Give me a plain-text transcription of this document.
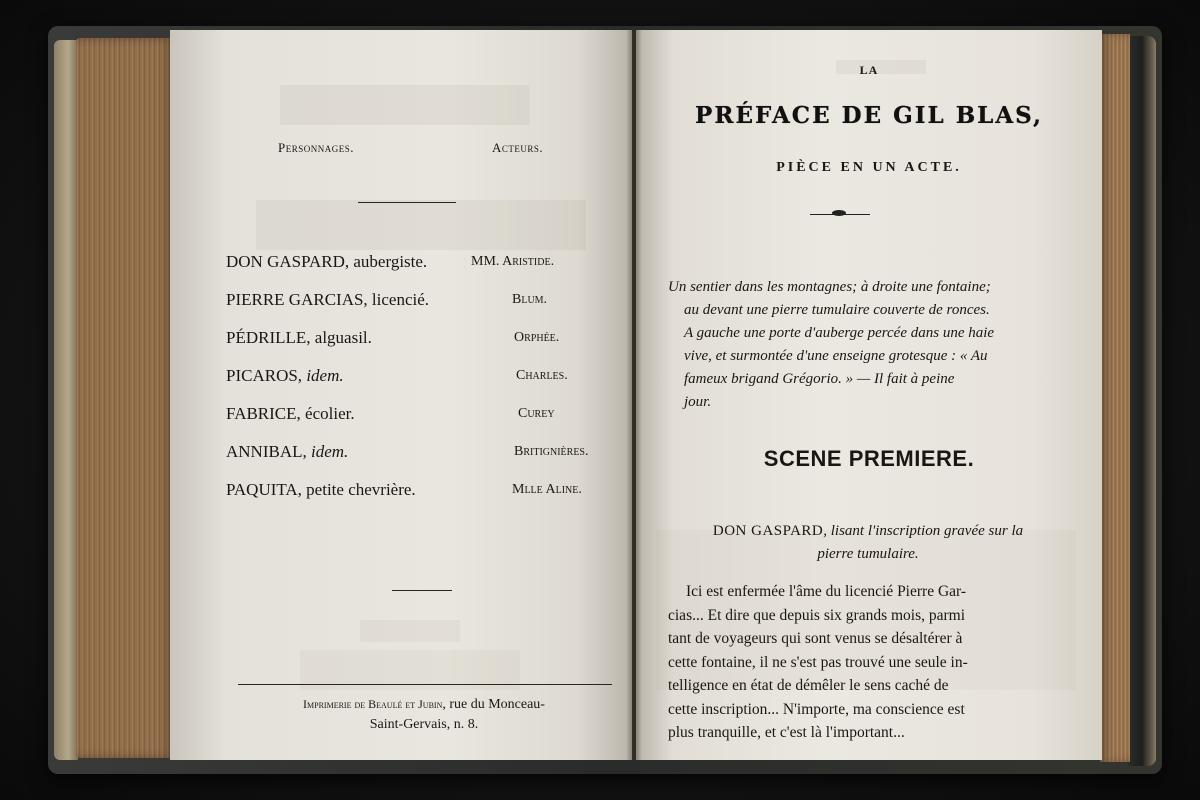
Personnages.	Acteurs.
DON GASPARD, aubergiste.	MM. Aristide.
PIERRE GARCIAS, licencié.	Blum.
PÉDRILLE, alguasil.	Orphée.
PICAROS, idem.	Charles.
FABRICE, écolier.	Curey
ANNIBAL, idem.	Britignières.
PAQUITA, petite chevrière.	Mlle Aline.
Imprimerie de Beaulé et Jubin, rue du Monceau-
Saint-Gervais, n. 8.
LA
PRÉFACE DE GIL BLAS,
PIÈCE EN UN ACTE.
Un sentier dans les montagnes; à droite une fontaine;
au devant une pierre tumulaire couverte de ronces.
A gauche une porte d'auberge percée dans une haie
vive, et surmontée d'une enseigne grotesque : « Au
fameux brigand Grégorio. » — Il fait à peine
jour.
SCENE PREMIERE.
DON GASPARD, lisant l'inscription gravée sur la
pierre tumulaire.
Ici est enfermée l'âme du licencié Pierre Gar-
cias... Et dire que depuis six grands mois, parmi
tant de voyageurs qui sont venus se désaltérer à
cette fontaine, il ne s'est pas trouvé une seule in-
telligence en état de démêler le sens caché de
cette inscription... N'importe, ma conscience est
plus tranquille, et c'est là l'important...
